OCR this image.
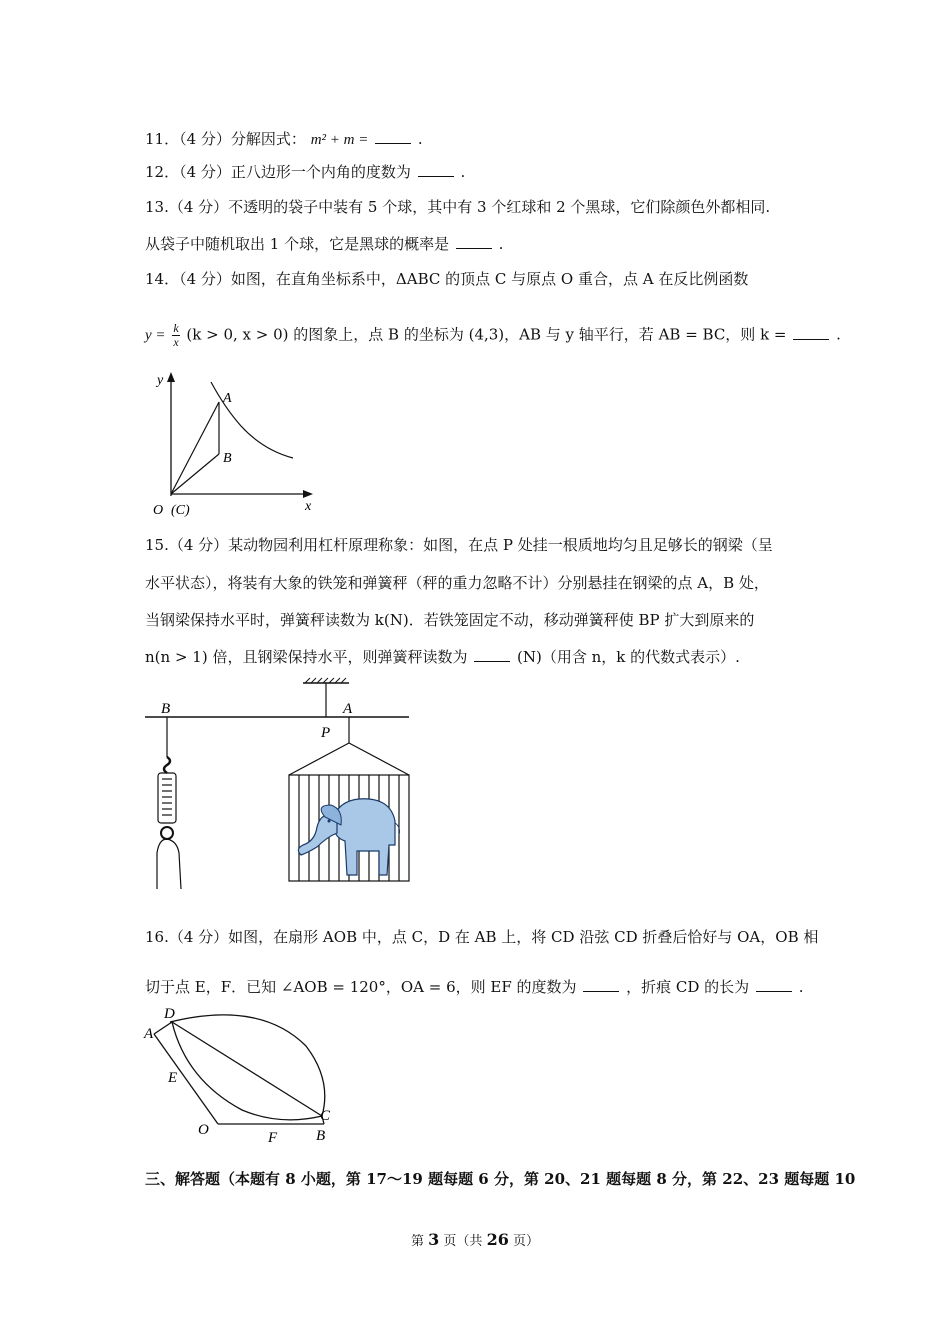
11．（4 分）分解因式： m² + m =	.
12．（4 分）正八边形一个内角的度数为	.
13.（4 分）不透明的袋子中装有 5 个球，其中有 3 个红球和 2 个黑球，它们除颜色外都相同.
从袋子中随机取出 1 个球，它是黑球的概率是	.
14．（4 分）如图，在直角坐标系中，ΔABC 的顶点 C 与原点 O 重合，点 A 在反比例函数
$y = \frac{k}{x} (k > 0$, x > 0) 的图象上，点 B 的坐标为 (4,3)，AB 与 y 轴平行，若 AB = BC，则 k =	.
y
x
A
B
O (C)
15.（4 分）某动物园利用杠杆原理称象：如图，在点 P 处挂一根质地均匀且足够长的钢梁（呈
水平状态），将装有大象的铁笼和弹簧秤（秤的重力忽略不计）分别悬挂在钢梁的点 A，B 处，
当钢梁保持水平时，弹簧秤读数为 k(N)．若铁笼固定不动，移动弹簧秤使 BP 扩大到原来的
n(n > 1) 倍，且钢梁保持水平，则弹簧秤读数为	(N)（用含 n，k 的代数式表示）.
B	A
P
16.（4 分）如图，在扇形 AOB 中，点 C，D 在 AB 上，将 CD 沿弦 CD 折叠后恰好与 OA，OB 相
切于点 E，F．已知 ∠AOB = 120°，OA = 6，则 EF 的度数为	，折痕 CD 的长为	.
A
D
E
O	F	B
C
三、解答题（本题有 8 小题，第 17～19 题每题 6 分，第 20、21 题每题 8 分，第 22、23 题每题 10
第 3 页（共 26 页）
